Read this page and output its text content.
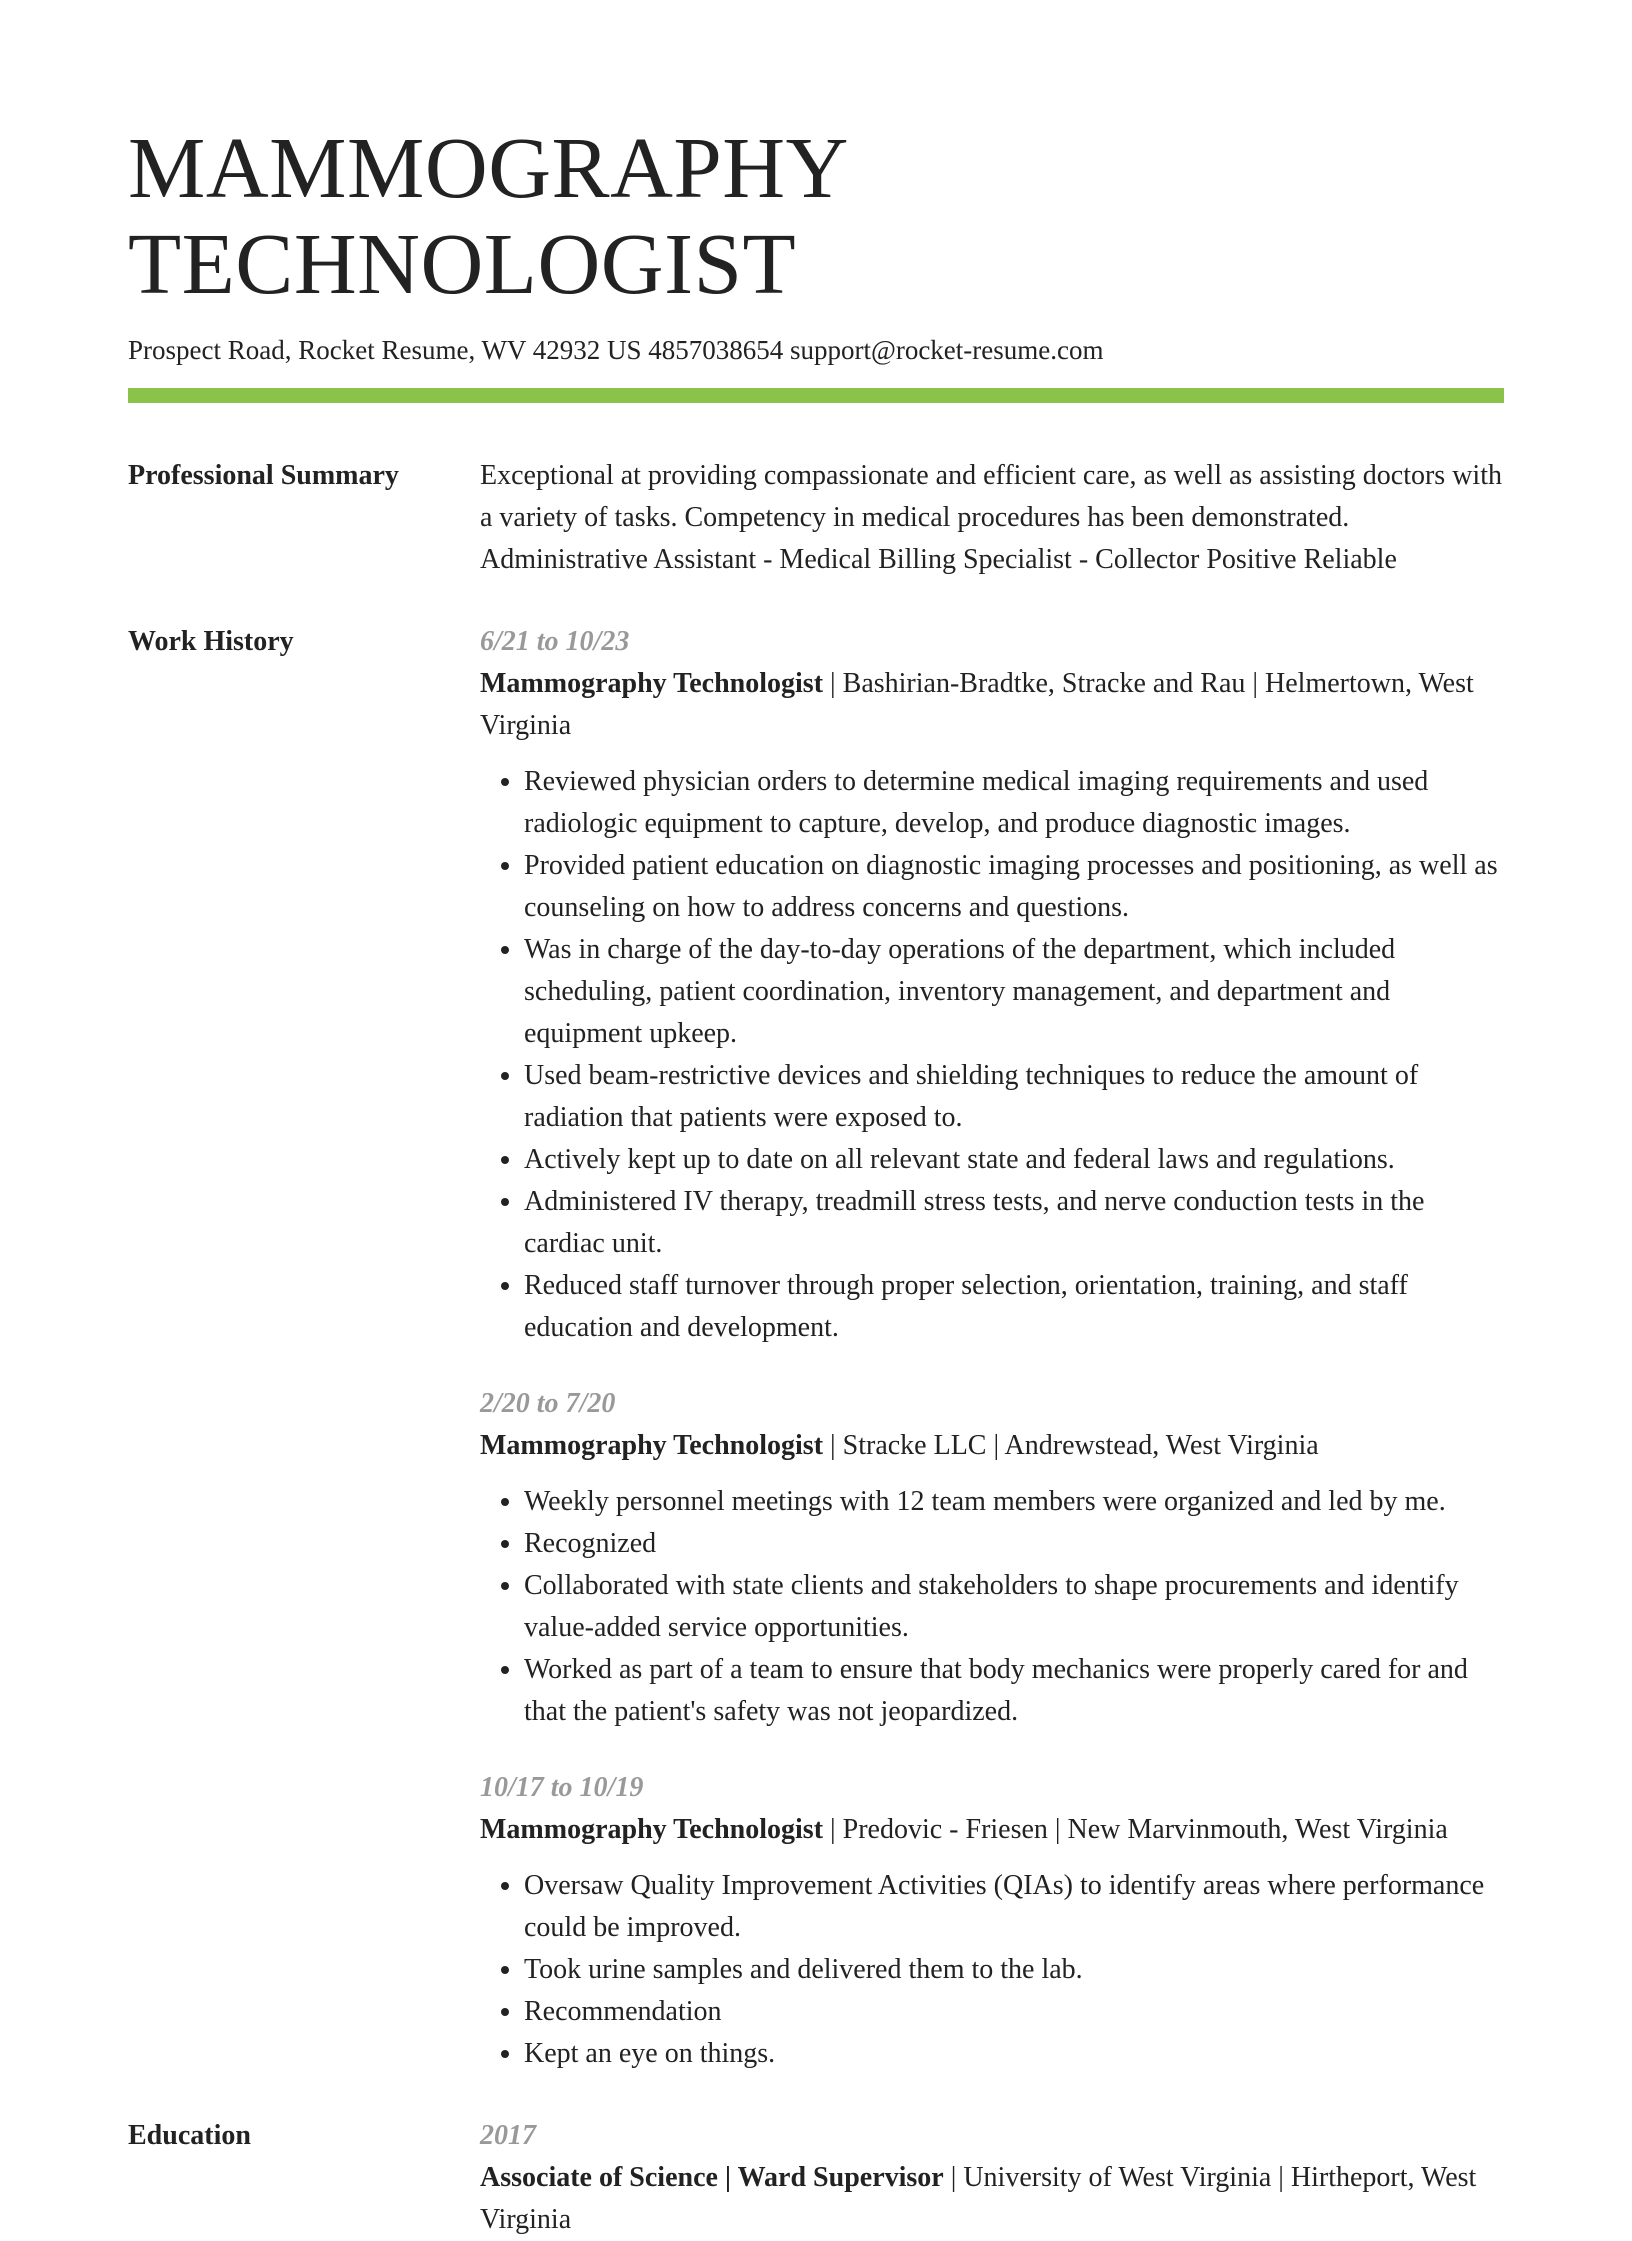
MAMMOGRAPHY TECHNOLOGIST
Prospect Road, Rocket Resume, WV 42932 US 4857038654 support@rocket-resume.com
Professional Summary	Exceptional at providing compassionate and efficient care, as well as assisting doctors with a variety of tasks. Competency in medical procedures has been demonstrated. Administrative Assistant - Medical Billing Specialist - Collector Positive Reliable
Work History	6/21 to 10/23
Mammography Technologist | Bashirian-Bradtke, Stracke and Rau | Helmertown, West Virginia
• Reviewed physician orders to determine medical imaging requirements and used radiologic equipment to capture, develop, and produce diagnostic images.
• Provided patient education on diagnostic imaging processes and positioning, as well as counseling on how to address concerns and questions.
• Was in charge of the day-to-day operations of the department, which included scheduling, patient coordination, inventory management, and department and equipment upkeep.
• Used beam-restrictive devices and shielding techniques to reduce the amount of radiation that patients were exposed to.
• Actively kept up to date on all relevant state and federal laws and regulations.
• Administered IV therapy, treadmill stress tests, and nerve conduction tests in the cardiac unit.
• Reduced staff turnover through proper selection, orientation, training, and staff education and development.
2/20 to 7/20
Mammography Technologist | Stracke LLC | Andrewstead, West Virginia
• Weekly personnel meetings with 12 team members were organized and led by me.
• Recognized
• Collaborated with state clients and stakeholders to shape procurements and identify value-added service opportunities.
• Worked as part of a team to ensure that body mechanics were properly cared for and that the patient's safety was not jeopardized.
10/17 to 10/19
Mammography Technologist | Predovic - Friesen | New Marvinmouth, West Virginia
• Oversaw Quality Improvement Activities (QIAs) to identify areas where performance could be improved.
• Took urine samples and delivered them to the lab.
• Recommendation
• Kept an eye on things.
Education	2017
Associate of Science | Ward Supervisor | University of West Virginia | Hirtheport, West Virginia
